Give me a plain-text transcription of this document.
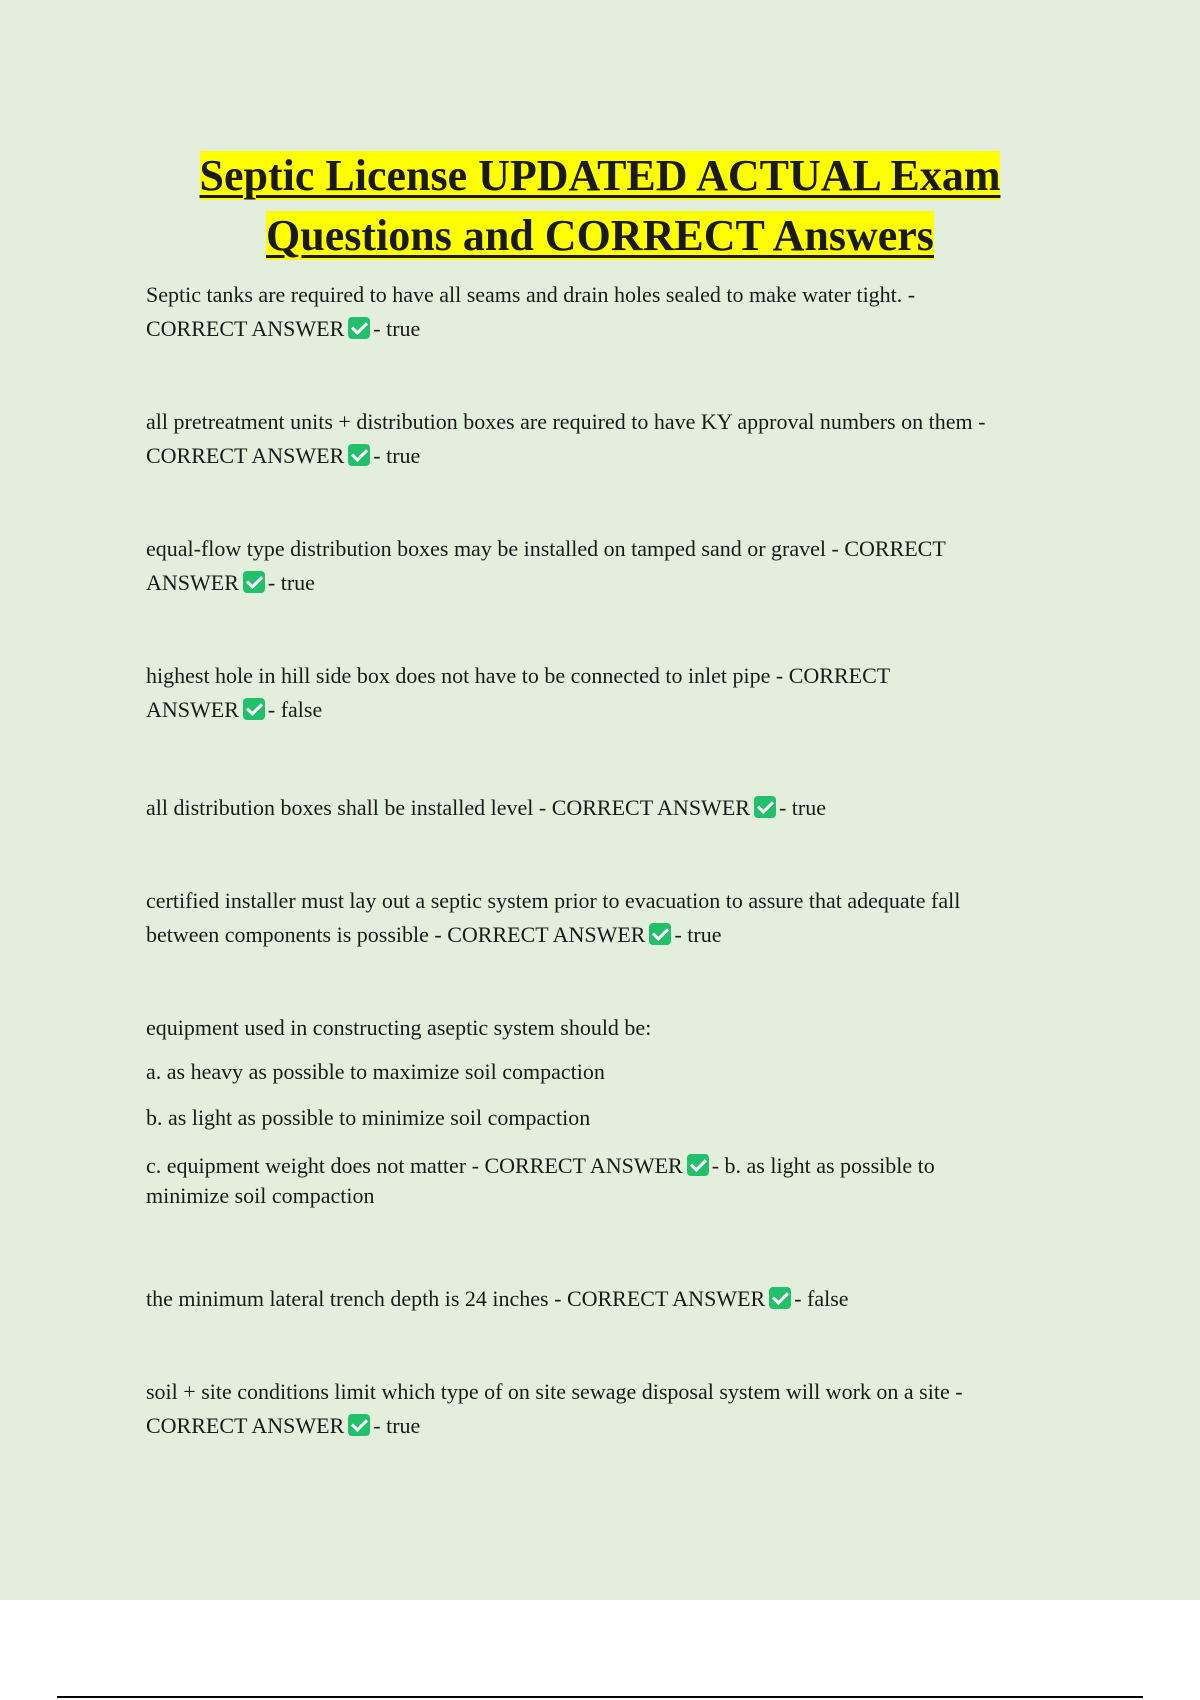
Septic License UPDATED ACTUAL Exam
Questions and CORRECT Answers

Septic tanks are required to have all seams and drain holes sealed to make water tight. -

CORRECT ANSWER - true

all pretreatment units + distribution boxes are required to have KY approval numbers on them -

CORRECT ANSWER - true

equal-flow type distribution boxes may be installed on tamped sand or gravel - CORRECT

ANSWER - true

highest hole in hill side box does not have to be connected to inlet pipe - CORRECT

ANSWER - false

all distribution boxes shall be installed level - CORRECT ANSWER - true

certified installer must lay out a septic system prior to evacuation to assure that adequate fall

between components is possible - CORRECT ANSWER - true

equipment used in constructing aseptic system should be:

a. as heavy as possible to maximize soil compaction

b. as light as possible to minimize soil compaction

c. equipment weight does not matter - CORRECT ANSWER - b. as light as possible to

minimize soil compaction

the minimum lateral trench depth is 24 inches - CORRECT ANSWER - false

soil + site conditions limit which type of on site sewage disposal system will work on a site -

CORRECT ANSWER - true
